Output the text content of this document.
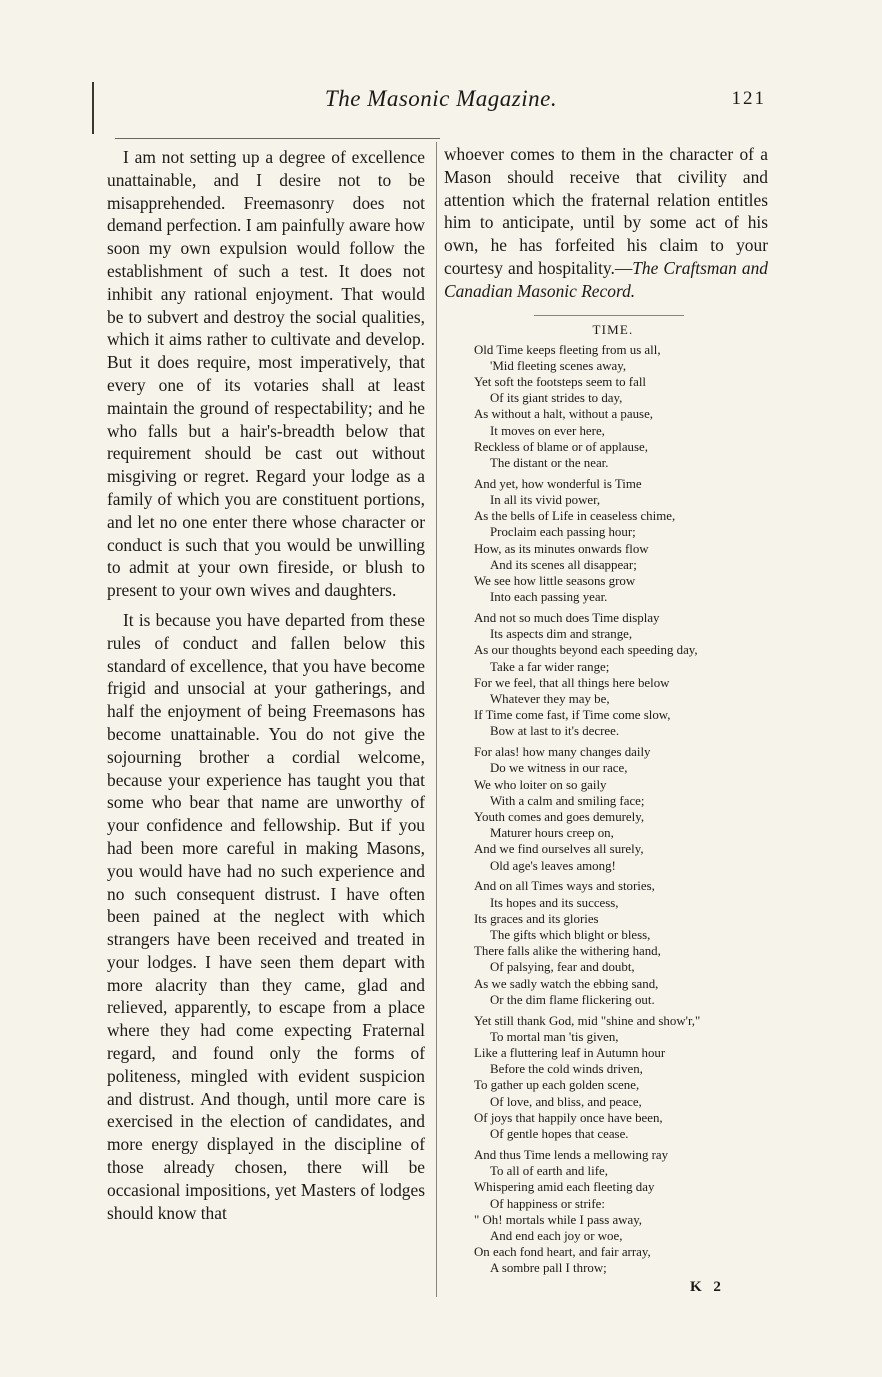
The Masonic Magazine.	121

I am not setting up a degree of excellence unattainable, and I desire not to be misapprehended. Freemasonry does not demand perfection. I am painfully aware how soon my own expulsion would follow the establishment of such a test. It does not inhibit any rational enjoyment. That would be to subvert and destroy the social qualities, which it aims rather to cultivate and develop. But it does require, most imperatively, that every one of its votaries shall at least maintain the ground of respectability; and he who falls but a hair's-breadth below that requirement should be cast out without misgiving or regret. Regard your lodge as a family of which you are constituent portions, and let no one enter there whose character or conduct is such that you would be unwilling to admit at your own fireside, or blush to present to your own wives and daughters.

It is because you have departed from these rules of conduct and fallen below this standard of excellence, that you have become frigid and unsocial at your gatherings, and half the enjoyment of being Freemasons has become unattainable. You do not give the sojourning brother a cordial welcome, because your experience has taught you that some who bear that name are unworthy of your confidence and fellowship. But if you had been more careful in making Masons, you would have had no such experience and no such consequent distrust. I have often been pained at the neglect with which strangers have been received and treated in your lodges. I have seen them depart with more alacrity than they came, glad and relieved, apparently, to escape from a place where they had come expecting Fraternal regard, and found only the forms of politeness, mingled with evident suspicion and distrust. And though, until more care is exercised in the election of candidates, and more energy displayed in the discipline of those already chosen, there will be occasional impositions, yet Masters of lodges should know that

whoever comes to them in the character of a Mason should receive that civility and attention which the fraternal relation entitles him to anticipate, until by some act of his own, he has forfeited his claim to your courtesy and hospitality.—The Craftsman and Canadian Masonic Record.

TIME.
Old Time keeps fleeting from us all,
'Mid fleeting scenes away,
Yet soft the footsteps seem to fall
Of its giant strides to day,
As without a halt, without a pause,
It moves on ever here,
Reckless of blame or of applause,
The distant or the near.
And yet, how wonderful is Time
In all its vivid power,
As the bells of Life in ceaseless chime,
Proclaim each passing hour;
How, as its minutes onwards flow
And its scenes all disappear;
We see how little seasons grow
Into each passing year.
And not so much does Time display
Its aspects dim and strange,
As our thoughts beyond each speeding day,
Take a far wider range;
For we feel, that all things here below
Whatever they may be,
If Time come fast, if Time come slow,
Bow at last to it's decree.
For alas! how many changes daily
Do we witness in our race,
We who loiter on so gaily
With a calm and smiling face;
Youth comes and goes demurely,
Maturer hours creep on,
And we find ourselves all surely,
Old age's leaves among!
And on all Times ways and stories,
Its hopes and its success,
Its graces and its glories
The gifts which blight or bless,
There falls alike the withering hand,
Of palsying, fear and doubt,
As we sadly watch the ebbing sand,
Or the dim flame flickering out.
Yet still thank God, mid "shine and show'r,"
To mortal man 'tis given,
Like a fluttering leaf in Autumn hour
Before the cold winds driven,
To gather up each golden scene,
Of love, and bliss, and peace,
Of joys that happily once have been,
Of gentle hopes that cease.
And thus Time lends a mellowing ray
To all of earth and life,
Whispering amid each fleeting day
Of happiness or strife:
" Oh! mortals while I pass away,
And end each joy or woe,
On each fond heart, and fair array,
A sombre pall I throw;
K 2
